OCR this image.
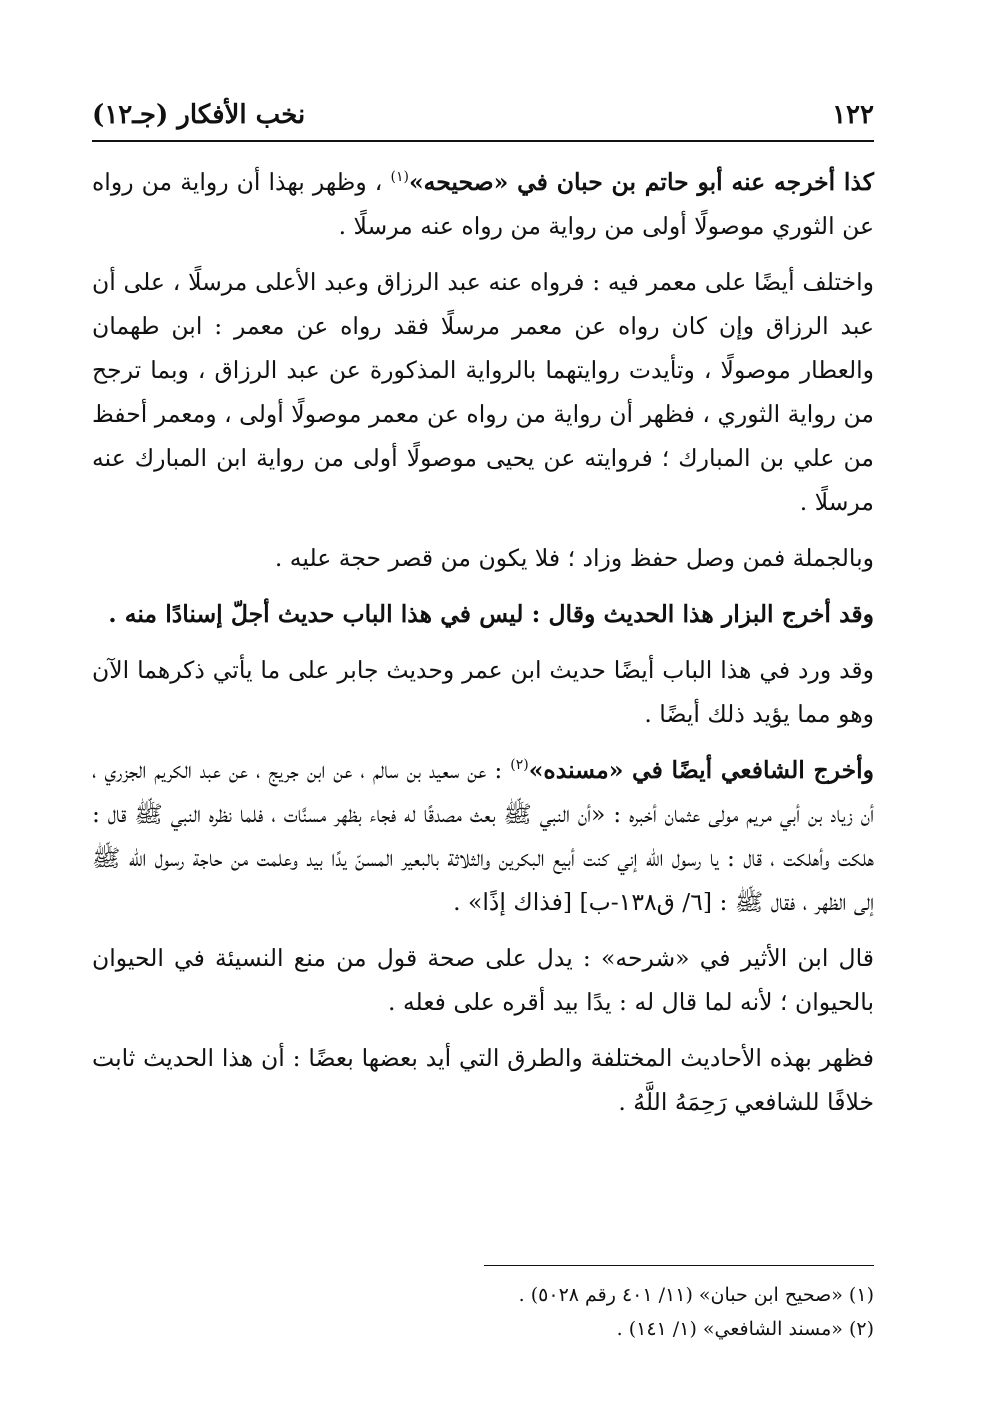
١٢٢
نخب الأفكار (جـ١٢)

كذا أخرجه عنه أبو حاتم بن حبان في «صحيحه»$^{(١)}$ ، وظهر بهذا أن رواية من رواه عن الثوري موصولًا أولى من رواية من رواه عنه مرسلًا .

واختلف أيضًا على معمر فيه : فرواه عنه عبد الرزاق وعبد الأعلى مرسلًا ، على أن عبد الرزاق وإن كان رواه عن معمر مرسلًا فقد رواه عن معمر : ابن طهمان والعطار موصولًا ، وتأيدت روايتهما بالرواية المذكورة عن عبد الرزاق ، وبما ترجح من رواية الثوري ، فظهر أن رواية من رواه عن معمر موصولًا أولى ، ومعمر أحفظ من علي بن المبارك ؛ فروايته عن يحيى موصولًا أولى من رواية ابن المبارك عنه مرسلًا .

وبالجملة فمن وصل حفظ وزاد ؛ فلا يكون من قصر حجة عليه .

وقد أخرج البزار هذا الحديث وقال : ليس في هذا الباب حديث أجلّ إسنادًا منه .

وقد ورد في هذا الباب أيضًا حديث ابن عمر وحديث جابر على ما يأتي ذكرهما الآن وهو مما يؤيد ذلك أيضًا .

وأخرج الشافعي أيضًا في «مسنده»$^{(٢)}$ : عن سعيد بن سالم ، عن ابن جريج ، عن عبد الكريم الجزري ، أن زياد بن أبي مريم مولى عثمان أخبره : «أن النبي ﷺ بعث مصدقًا له فجاء بظهر مسنَّات ، فلما نظره النبي ﷺ قال : هلكت وأهلكت ، قال : يا رسول الله إني كنت أبيع البكرين والثلاثة بالبعير المسنّ يدًا بيد وعلمت من حاجة رسول الله ﷺ إلى الظهر ، فقال ﷺ : [٦/ ق١٣٨-ب] [فذاك إذًا» .

قال ابن الأثير في «شرحه» : يدل على صحة قول من منع النسيئة في الحيوان بالحيوان ؛ لأنه لما قال له : يدًا بيد أقره على فعله .

فظهر بهذه الأحاديث المختلفة والطرق التي أيد بعضها بعضًا : أن هذا الحديث ثابت خلافًا للشافعي رَحِمَهُ اللَّهُ .

(١) «صحيح ابن حبان» (١١/ ٤٠١ رقم ٥٠٢٨) .

(٢) «مسند الشافعي» (١/ ١٤١) .
